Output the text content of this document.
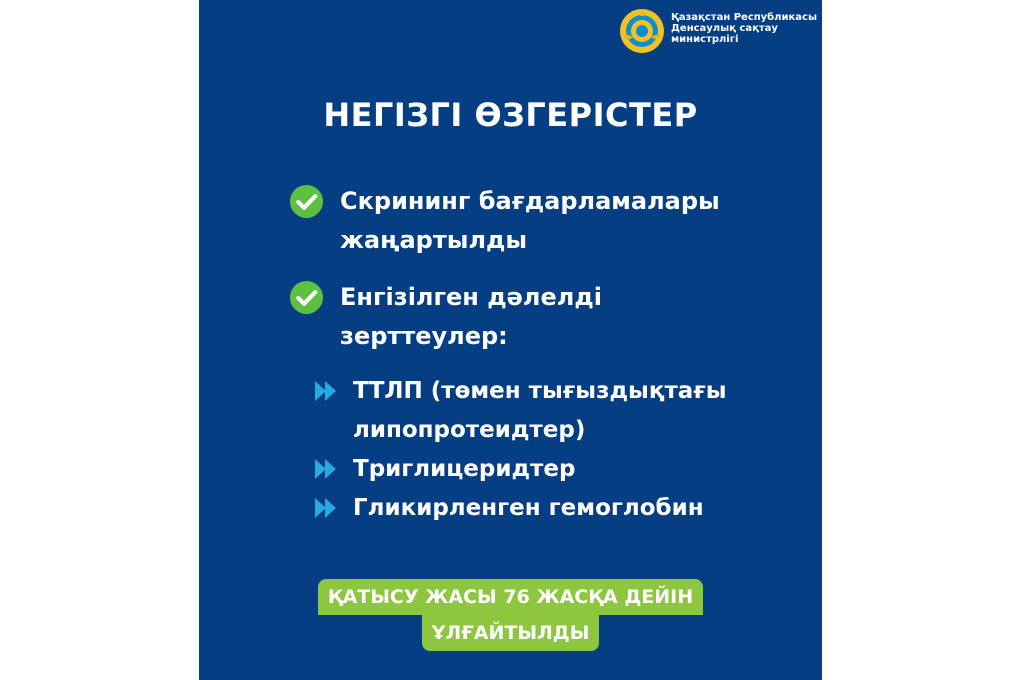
Қазақстан Республикасы
Денсаулық сақтау
министрлігі
НЕГІЗГІ ӨЗГЕРІСТЕР
Скрининг бағдарламалары
жаңартылды
Енгізілген дәлелді
зерттеулер:
ТТЛП (төмен тығыздықтағы
липопротеидтер)
Триглицеридтер
Гликирленген гемоглобин
ҚАТЫСУ ЖАСЫ 76 ЖАСҚА ДЕЙІН
ҰЛҒАЙТЫЛДЫ
